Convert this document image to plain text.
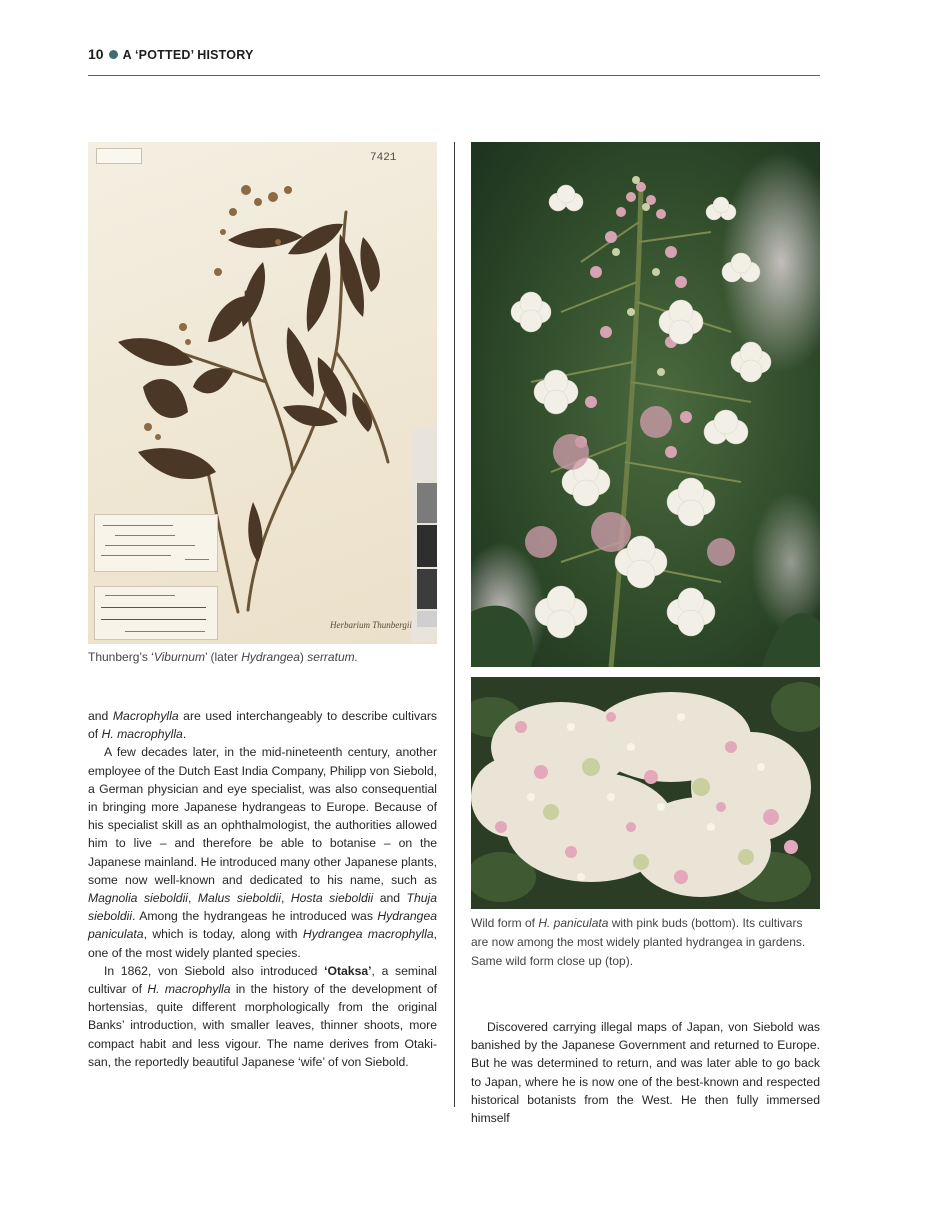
10 A ‘POTTED’ HISTORY
7421
Herbarium Thunbergii
Thunberg’s ‘Viburnum’ (later Hydrangea) serratum.
Wild form of H. paniculata with pink buds (bottom). Its cultivars are now among the most widely planted hydrangea in gardens. Same wild form close up (top).

and Macrophylla are used interchangeably to describe cultivars of H. macrophylla.

A few decades later, in the mid-nineteenth century, another employee of the Dutch East India Company, Philipp von Siebold, a German physician and eye specialist, was also consequential in bringing more Japanese hydrangeas to Europe. Because of his specialist skill as an ophthalmologist, the authorities allowed him to live – and therefore be able to botanise – on the Japanese mainland. He introduced many other Japanese plants, some now well-known and dedicated to his name, such as Magnolia sieboldii, Malus sieboldii, Hosta sieboldii and Thuja sieboldii. Among the hydrangeas he introduced was Hydrangea paniculata, which is today, along with Hydrangea macrophylla, one of the most widely planted species.

In 1862, von Siebold also introduced ‘Otaksa’, a seminal cultivar of H. macrophylla in the history of the development of hortensias, quite different morphologically from the original Banks’ introduction, with smaller leaves, thinner shoots, more compact habit and less vigour. The name derives from Otaki-san, the reportedly beautiful Japanese ‘wife’ of von Siebold.

Discovered carrying illegal maps of Japan, von Siebold was banished by the Japanese Government and returned to Europe. But he was determined to return, and was later able to go back to Japan, where he is now one of the best-known and respected historical botanists from the West. He then fully immersed himself
